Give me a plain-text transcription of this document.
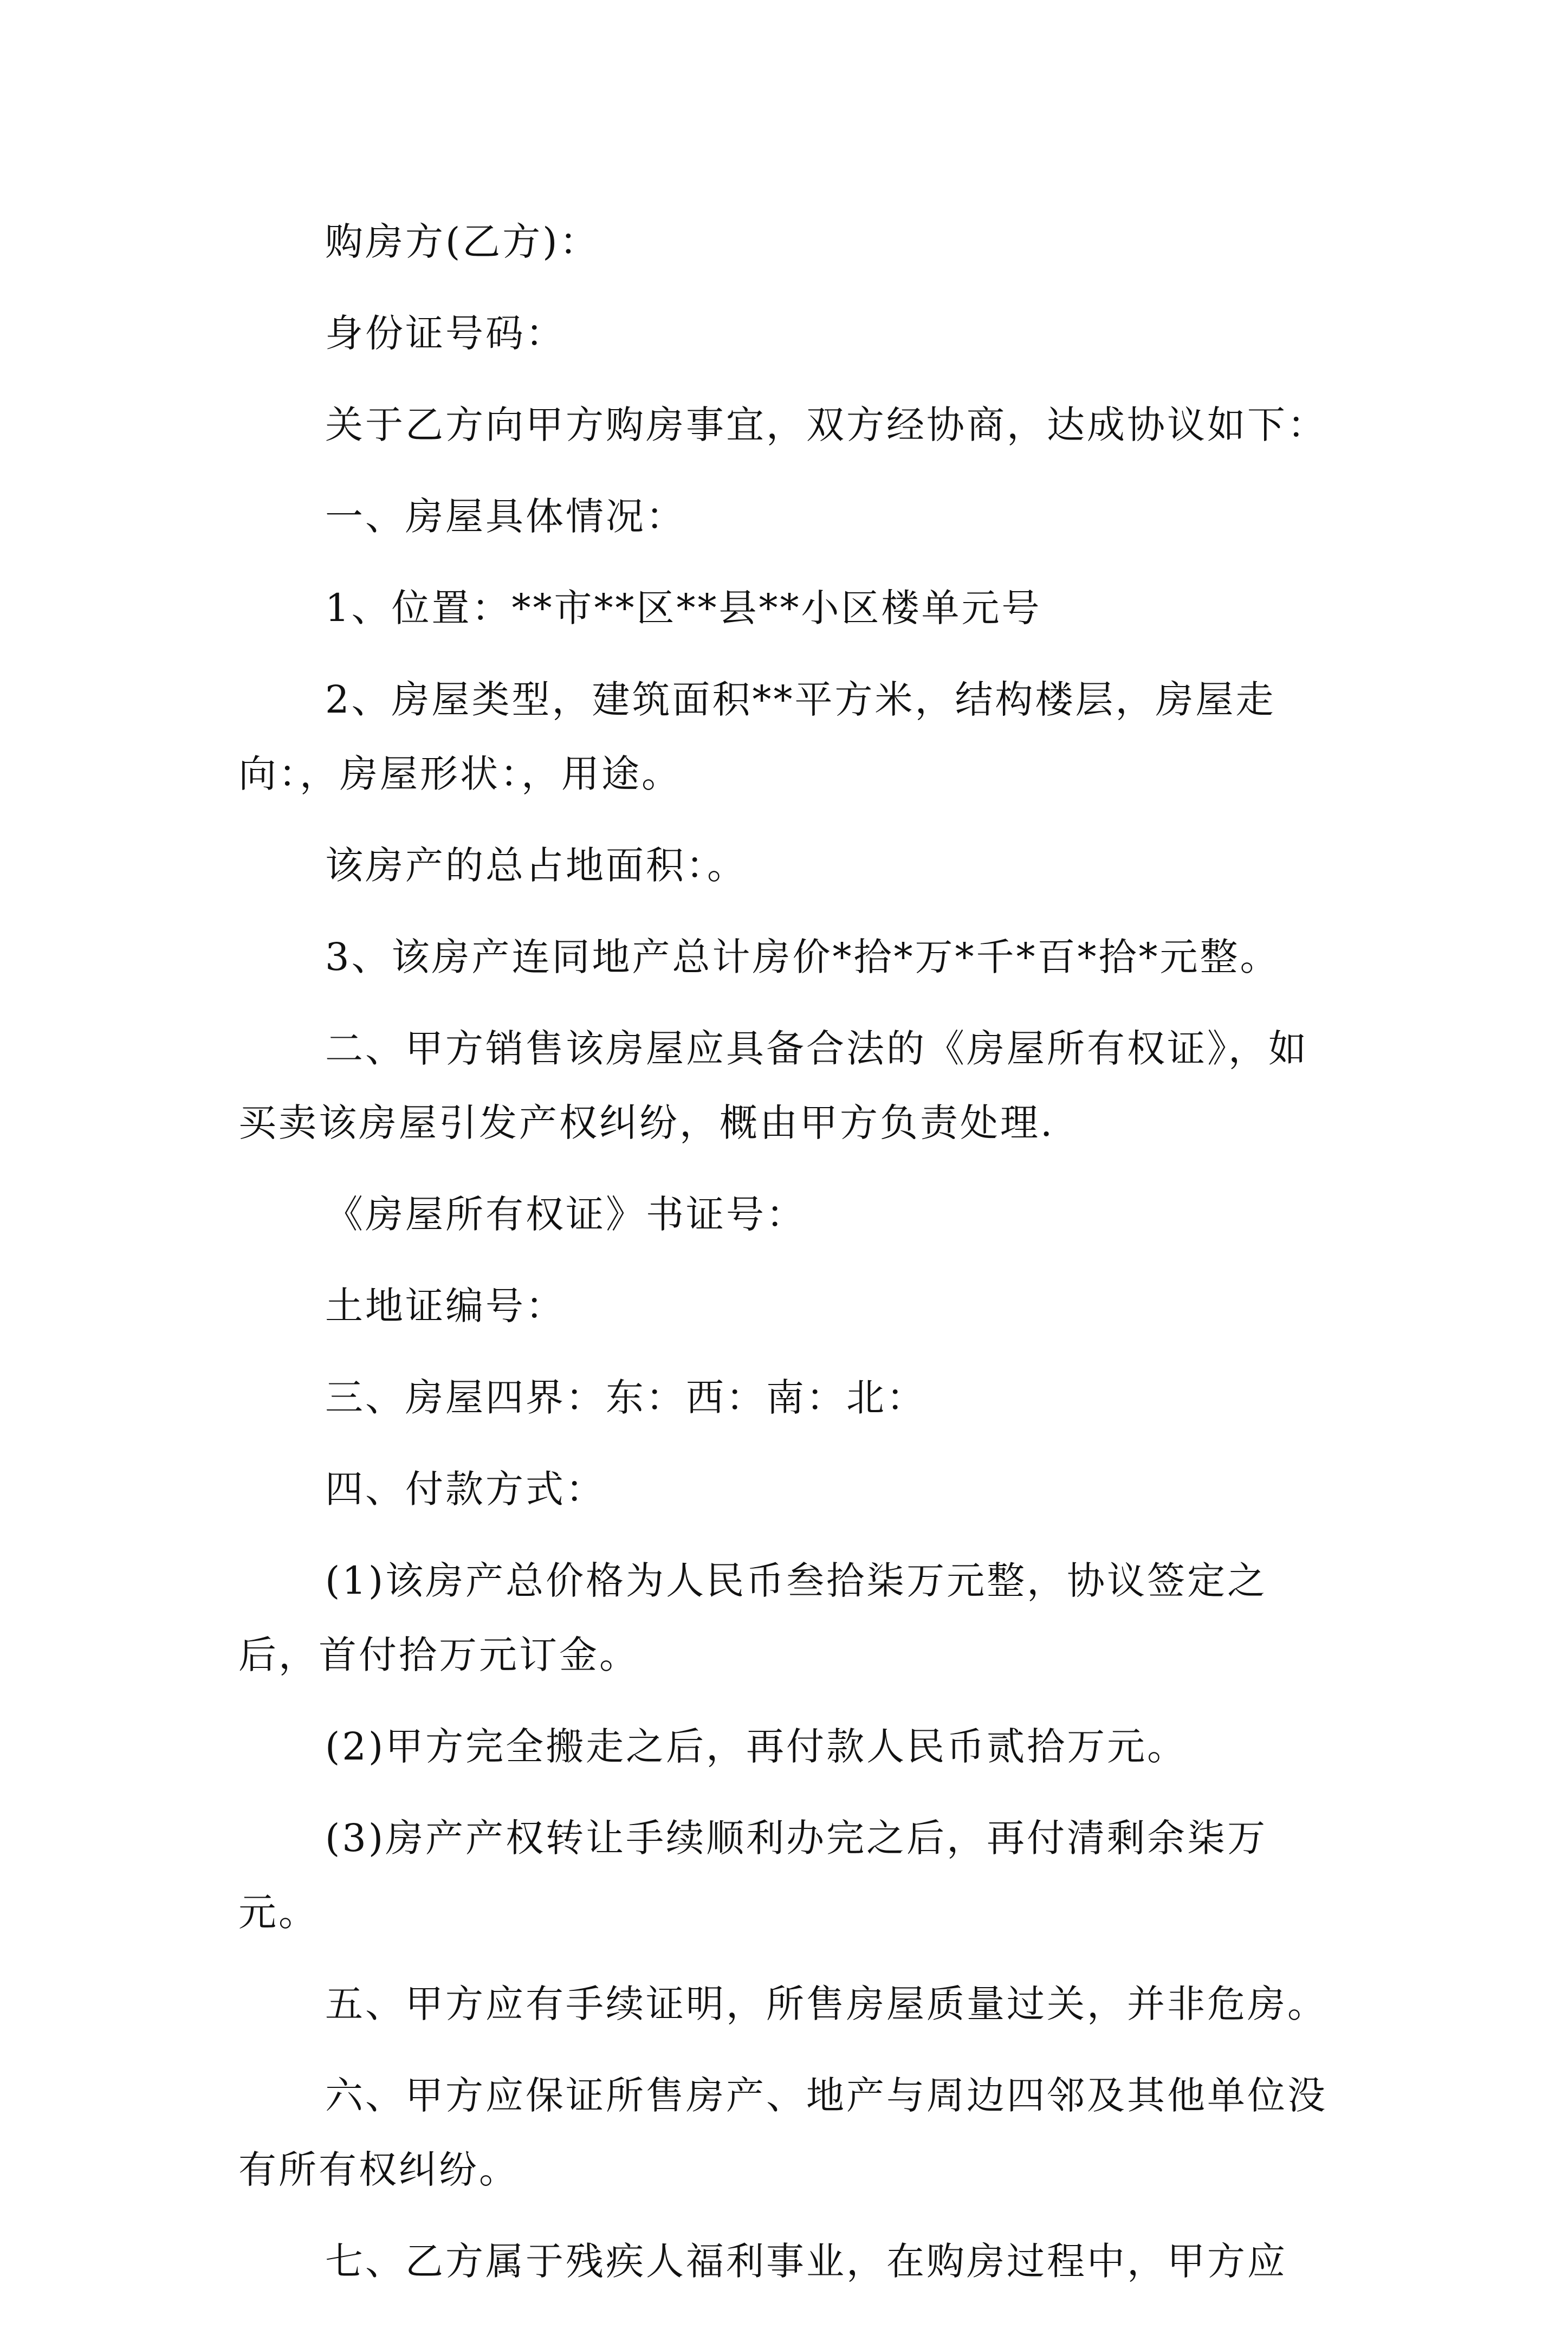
购房方(乙方)：

身份证号码：

关于乙方向甲方购房事宜，双方经协商，达成协议如下：

一、房屋具体情况：

1、位置：**市**区**县**小区楼单元号

2、房屋类型，建筑面积**平方米，结构楼层，房屋走向：，房屋形状：，用途。

该房产的总占地面积：。

3、该房产连同地产总计房价*拾*万*千*百*拾*元整。

二、甲方销售该房屋应具备合法的《房屋所有权证》，如买卖该房屋引发产权纠纷，概由甲方负责处理.

《房屋所有权证》书证号：

土地证编号：

三、房屋四界：东：西：南：北：

四、付款方式：

(1)该房产总价格为人民币叁拾柒万元整，协议签定之后，首付拾万元订金。

(2)甲方完全搬走之后，再付款人民币贰拾万元。

(3)房产产权转让手续顺利办完之后，再付清剩余柒万元。

五、甲方应有手续证明，所售房屋质量过关，并非危房。

六、甲方应保证所售房产、地产与周边四邻及其他单位没有所有权纠纷。

七、乙方属于残疾人福利事业，在购房过程中，甲方应
